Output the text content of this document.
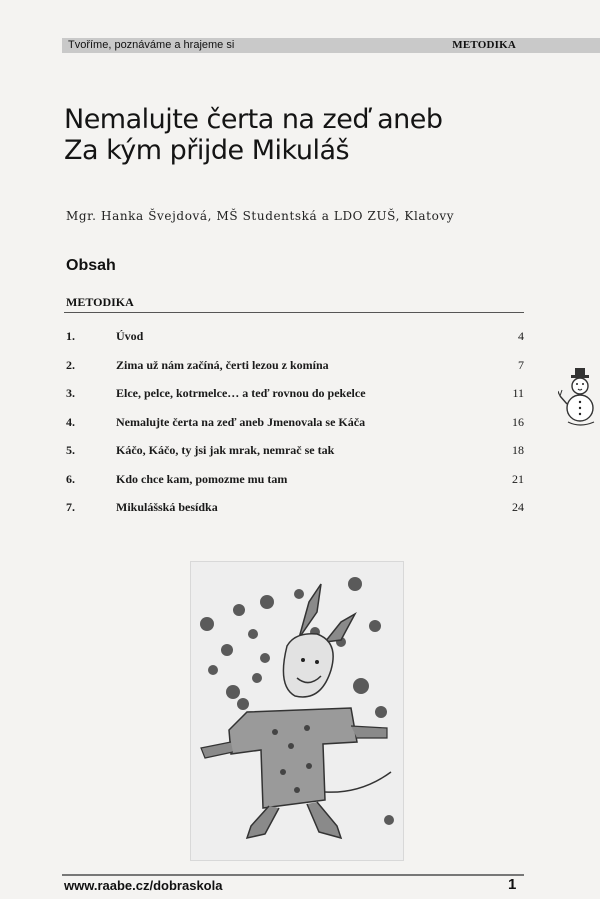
Tvoříme, poznáváme a hrajeme si	METODIKA
Nemalujte čerta na zeď aneb
Za kým přijde Mikuláš
Mgr. Hanka Švejdová, MŠ Studentská a LDO ZUŠ, Klatovy
Obsah
METODIKA
1.	Úvod	4
2.	Zima už nám začíná, čerti lezou z komína	7
3.	Elce, pelce, kotrmelce… a teď rovnou do pekelce	11
4.	Nemalujte čerta na zeď aneb Jmenovala se Káča	16
5.	Káčo, Káčo, ty jsi jak mrak, nemrač se tak	18
6.	Kdo chce kam, pomozme mu tam	21
7.	Mikulášská besídka	24
www.raabe.cz/dobraskola	1
